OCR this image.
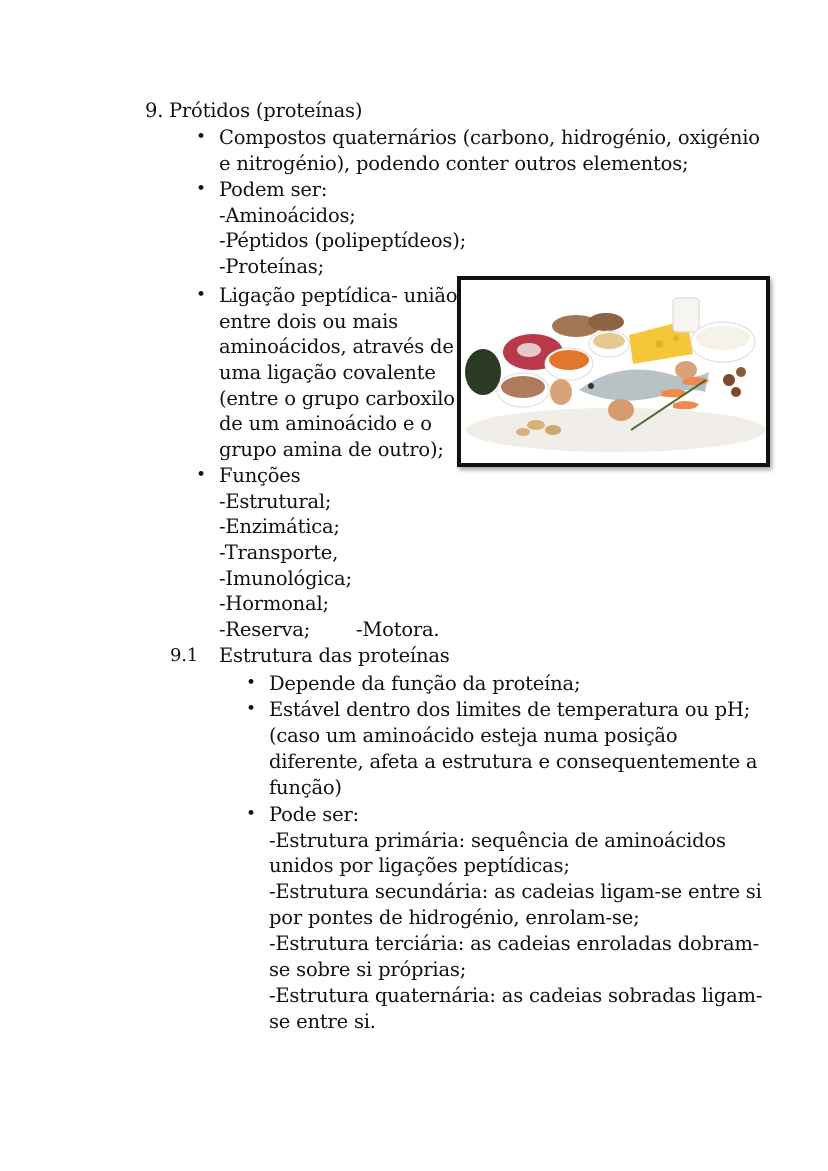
9. Prótidos (proteínas)
• Compostos quaternários (carbono, hidrogénio, oxigénio
e nitrogénio), podendo conter outros elementos;
• Podem ser:
-Aminoácidos;
-Péptidos (polipeptídeos);
-Proteínas;
• Ligação peptídica- união
entre dois ou mais
aminoácidos, através de
uma ligação covalente
(entre o grupo carboxilo
de um aminoácido e o
grupo amina de outro);
• Funções
-Estrutural;
-Enzimática;
-Transporte,
-Imunológica;
-Hormonal;
-Reserva; -Motora.
9.1 Estrutura das proteínas
• Depende da função da proteína;
• Estável dentro dos limites de temperatura ou pH;
(caso um aminoácido esteja numa posição
diferente, afeta a estrutura e consequentemente a
função)
• Pode ser:
-Estrutura primária: sequência de aminoácidos
unidos por ligações peptídicas;
-Estrutura secundária: as cadeias ligam-se entre si
por pontes de hidrogénio, enrolam-se;
-Estrutura terciária: as cadeias enroladas dobram-
se sobre si próprias;
-Estrutura quaternária: as cadeias sobradas ligam-
se entre si.
